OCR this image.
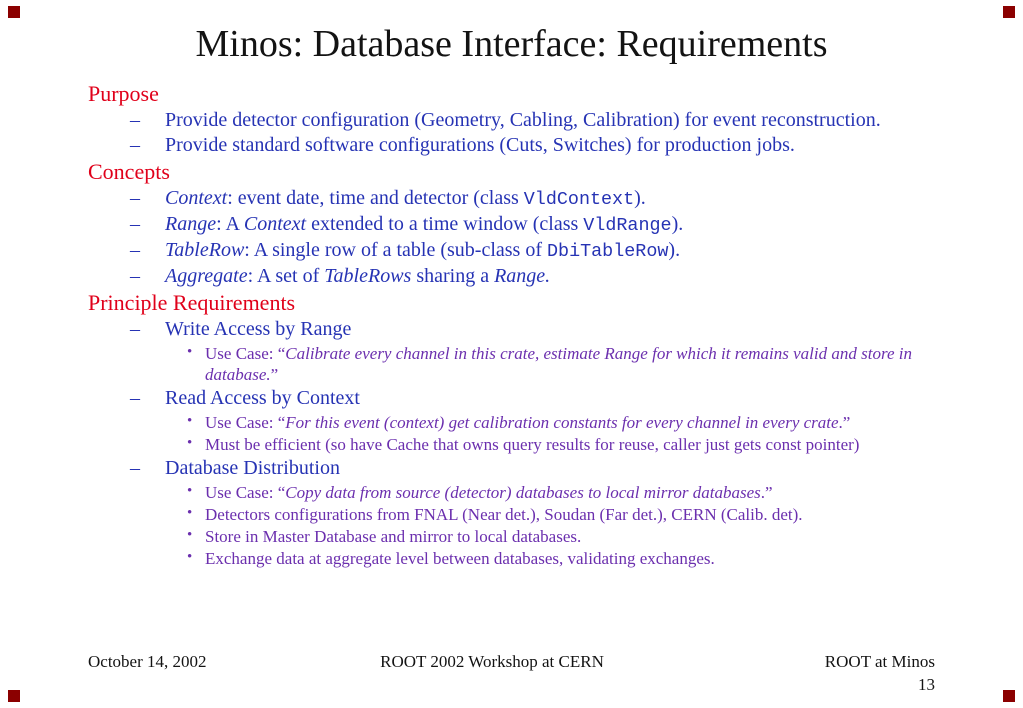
Minos: Database Interface: Requirements
Purpose
– Provide detector configuration (Geometry, Cabling, Calibration) for event reconstruction.
– Provide standard software configurations (Cuts, Switches) for production jobs.
Concepts
– Context: event date, time and detector (class VldContext).
– Range: A Context extended to a time window (class VldRange).
– TableRow: A single row of a table (sub-class of DbiTableRow).
– Aggregate: A set of TableRows sharing a Range.
Principle Requirements
– Write Access by Range
• Use Case: “Calibrate every channel in this crate, estimate Range for which it remains valid and store in database.”
– Read Access by Context
• Use Case: “For this event (context) get calibration constants for every channel in every crate.”
• Must be efficient (so have Cache that owns query results for reuse, caller just gets const pointer)
– Database Distribution
• Use Case: “Copy data from source (detector) databases to local mirror databases.”
• Detectors configurations from FNAL (Near det.), Soudan (Far det.), CERN (Calib. det).
• Store in Master Database and mirror to local databases.
• Exchange data at aggregate level between databases, validating exchanges.
October 14, 2002	ROOT 2002 Workshop at CERN	ROOT at Minos
13
